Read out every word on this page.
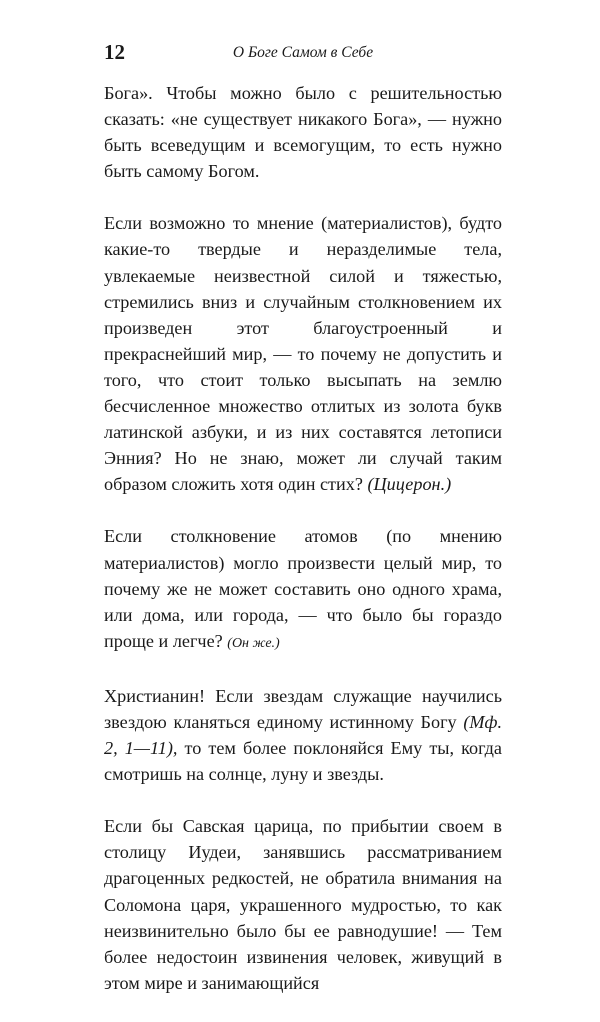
12	О Боге Самом в Себе

Бога». Чтобы можно было с решительностью сказать: «не существует никакого Бога», — нужно быть всеведущим и всемогущим, то есть нужно быть самому Богом.

Если возможно то мнение (материалистов), будто какие-то твердые и неразделимые тела, увлекаемые неизвестной силой и тяжестью, стремились вниз и случайным столкновением их произведен этот благоустроенный и прекраснейший мир, — то почему не допустить и того, что стоит только высыпать на землю бесчисленное множество отлитых из золота букв латинской азбуки, и из них составятся летописи Энния? Но не знаю, может ли случай таким образом сложить хотя один стих? (Цицерон.)

Если столкновение атомов (по мнению материалистов) могло произвести целый мир, то почему же не может составить оно одного храма, или дома, или города, — что было бы гораздо проще и легче? (Он же.)

Христианин! Если звездам служащие научились звездою кланяться единому истинному Богу (Мф. 2, 1—11), то тем более поклоняйся Ему ты, когда смотришь на солнце, луну и звезды.

Если бы Савская царица, по прибытии своем в столицу Иудеи, занявшись рассматриванием драгоценных редкостей, не обратила внимания на Соломона царя, украшенного мудростью, то как неизвинительно было бы ее равнодушие! — Тем более недостоин извинения человек, живущий в этом мире и занимающийся
